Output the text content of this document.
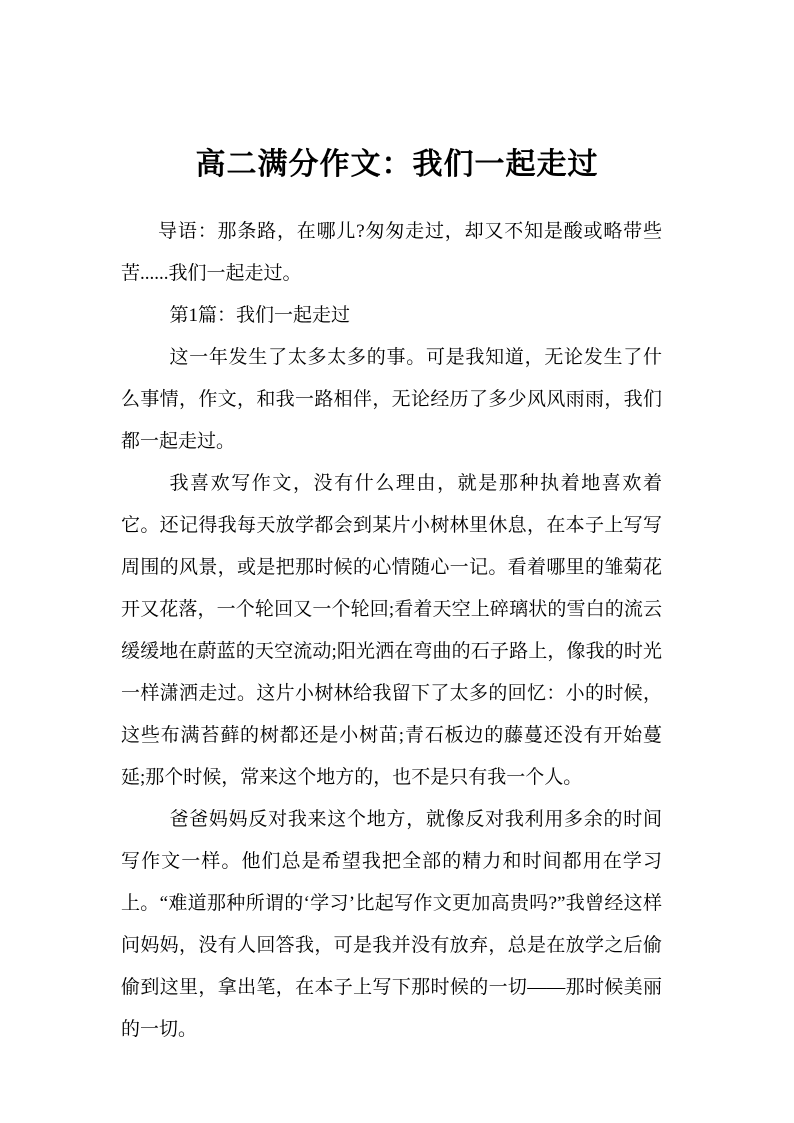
高二满分作文：我们一起走过

导语：那条路，在哪儿?匆匆走过，却又不知是酸或略带些苦......我们一起走过。

第1篇：我们一起走过

这一年发生了太多太多的事。可是我知道，无论发生了什么事情，作文，和我一路相伴，无论经历了多少风风雨雨，我们都一起走过。

我喜欢写作文，没有什么理由，就是那种执着地喜欢着它。还记得我每天放学都会到某片小树林里休息，在本子上写写周围的风景，或是把那时候的心情随心一记。看着哪里的雏菊花开又花落，一个轮回又一个轮回;看着天空上碎璃状的雪白的流云缓缓地在蔚蓝的天空流动;阳光洒在弯曲的石子路上，像我的时光一样潇洒走过。这片小树林给我留下了太多的回忆：小的时候，这些布满苔藓的树都还是小树苗;青石板边的藤蔓还没有开始蔓延;那个时候，常来这个地方的，也不是只有我一个人。

爸爸妈妈反对我来这个地方，就像反对我利用多余的时间写作文一样。他们总是希望我把全部的精力和时间都用在学习上。“难道那种所谓的‘学习’比起写作文更加高贵吗?”我曾经这样问妈妈，没有人回答我，可是我并没有放弃，总是在放学之后偷偷到这里，拿出笔，在本子上写下那时候的一切——那时候美丽的一切。
